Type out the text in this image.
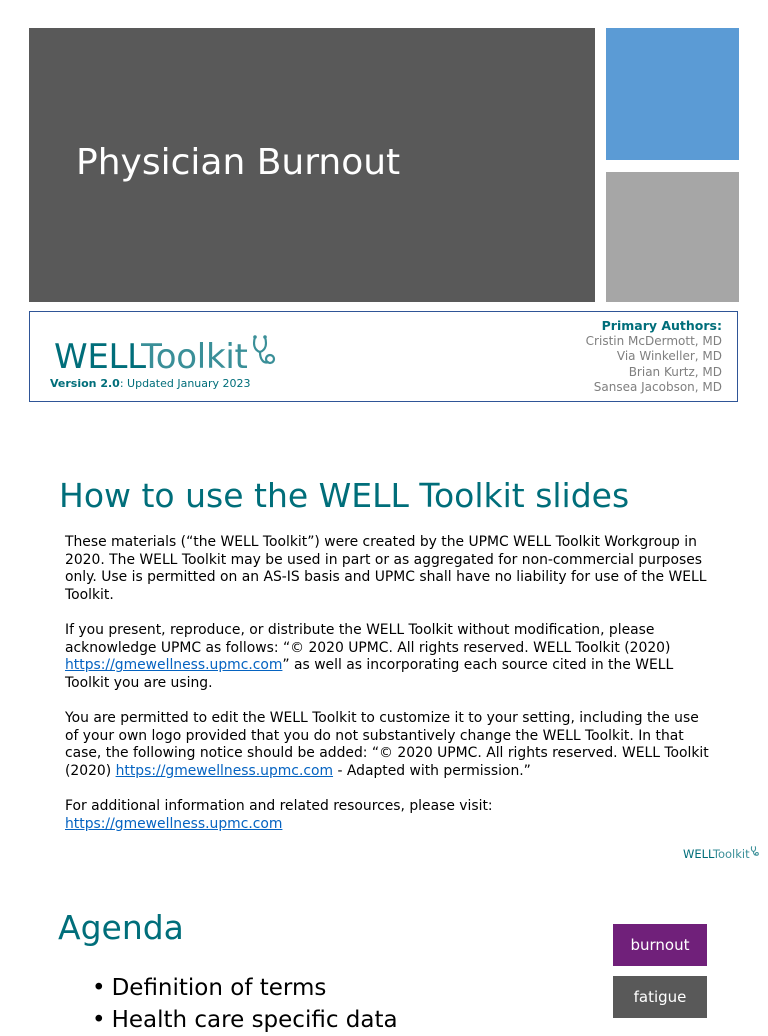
Physician Burnout
WELLToolkit
Version 2.0: Updated January 2023
Primary Authors:
Cristin McDermott, MD
Via Winkeller, MD
Brian Kurtz, MD
Sansea Jacobson, MD
How to use the WELL Toolkit slides

These materials (“the WELL Toolkit”) were created by the UPMC WELL Toolkit Workgroup in 2020. The WELL Toolkit may be used in part or as aggregated for non-commercial purposes only. Use is permitted on an AS-IS basis and UPMC shall have no liability for use of the WELL Toolkit.

If you present, reproduce, or distribute the WELL Toolkit without modification, please acknowledge UPMC as follows: “© 2020 UPMC. All rights reserved. WELL Toolkit (2020) https://gmewellness.upmc.com” as well as incorporating each source cited in the WELL Toolkit you are using.

You are permitted to edit the WELL Toolkit to customize it to your setting, including the use of your own logo provided that you do not substantively change the WELL Toolkit. In that case, the following notice should be added: “© 2020 UPMC. All rights reserved. WELL Toolkit (2020) https://gmewellness.upmc.com - Adapted with permission.”

For additional information and related resources, please visit:
https://gmewellness.upmc.com

WELLToolkit
Agenda
• Definition of terms
• Health care specific data
burnout
fatigue
